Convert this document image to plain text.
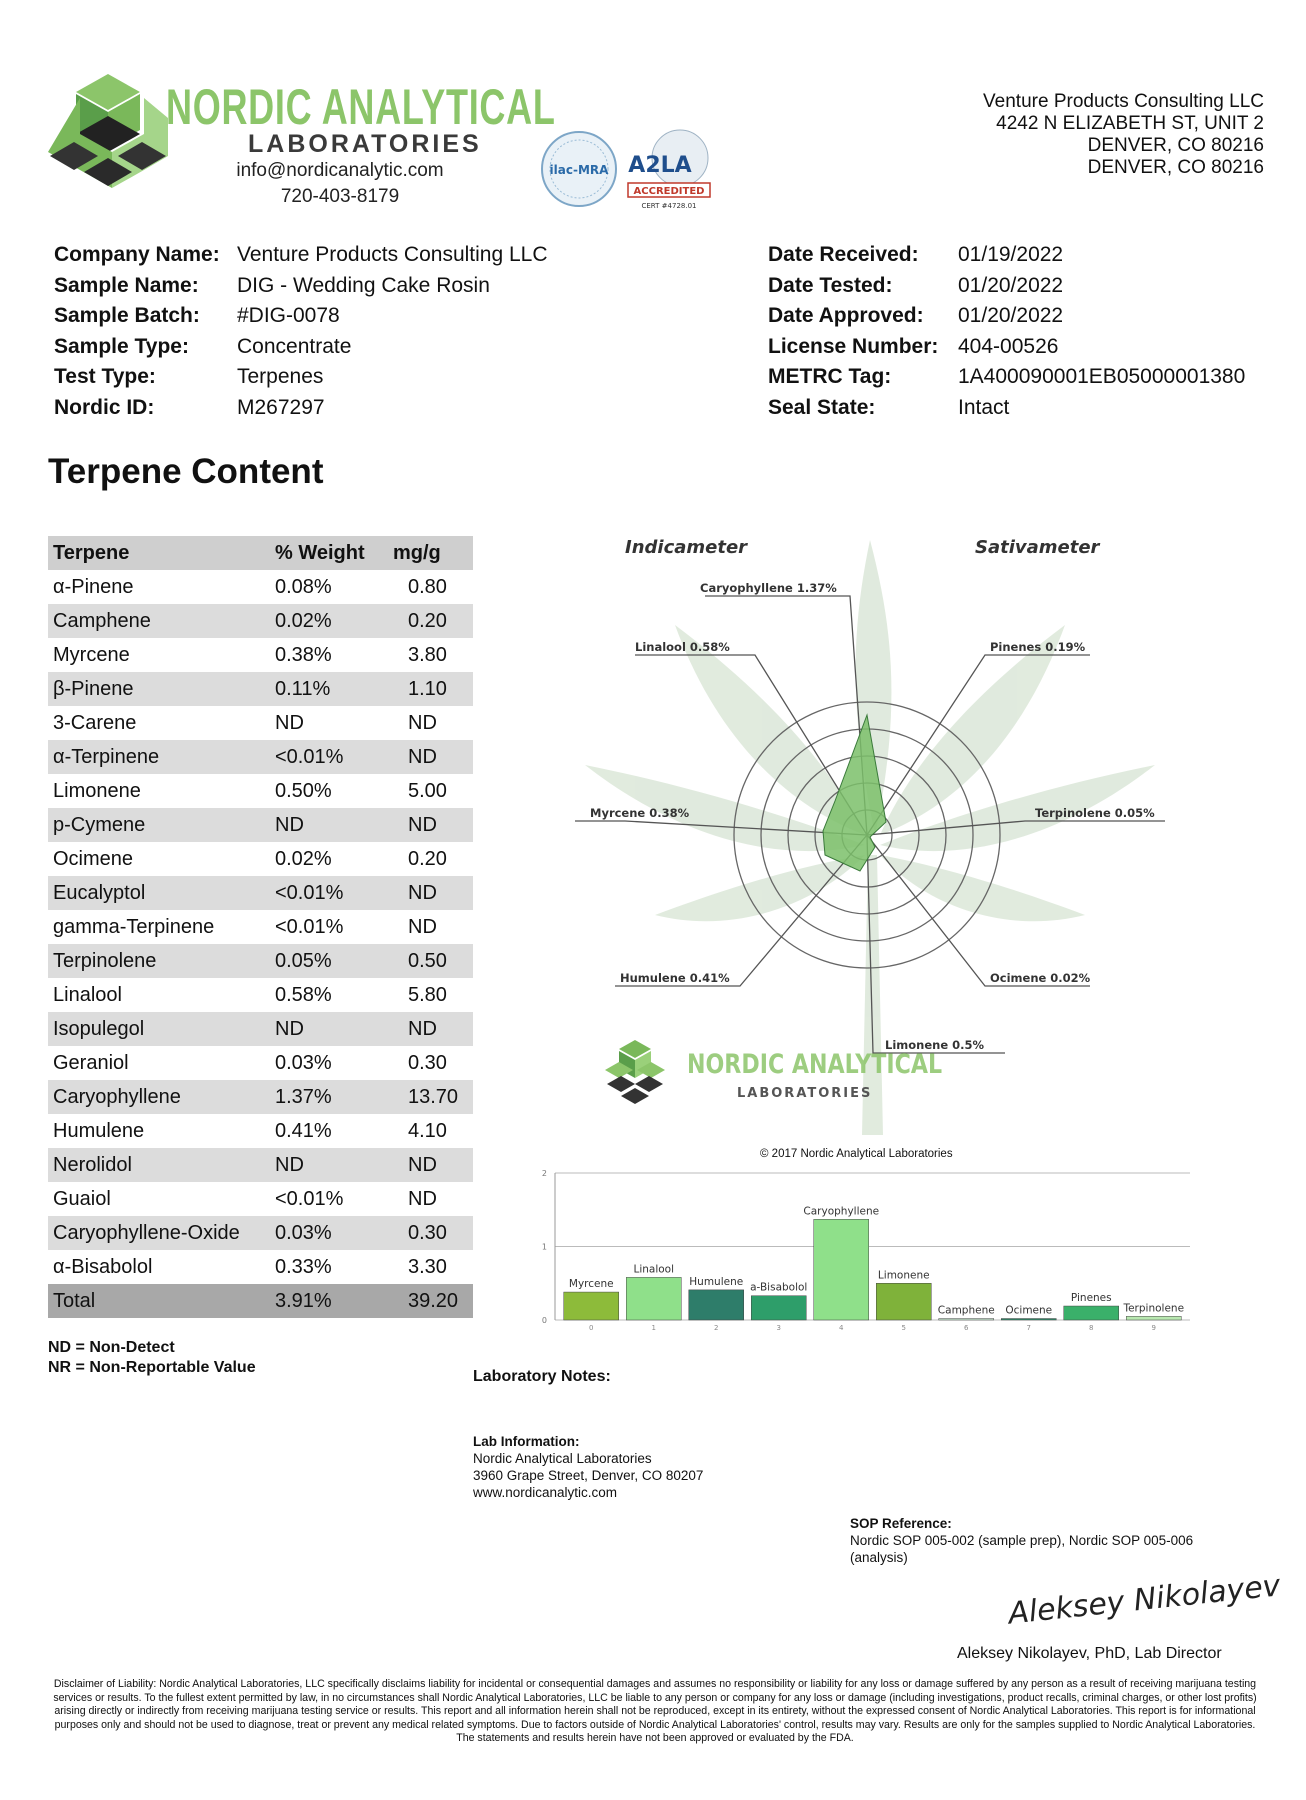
NORDIC ANALYTICAL
LABORATORIES
info@nordicanalytic.com
720-403-8179
ilac-MRA A2LA
ACCREDITED
CERT #4728.01
Venture Products Consulting LLC
4242 N ELIZABETH ST, UNIT 2
DENVER, CO 80216
DENVER, CO 80216
Company Name: Venture Products Consulting LLC
Sample Name: DIG - Wedding Cake Rosin
Sample Batch: #DIG-0078
Sample Type: Concentrate
Test Type:	Terpenes
Nordic ID:	M267297
Date Received: 01/19/2022
Date Tested:	01/20/2022
Date Approved: 01/20/2022
License Number: 404-00526
METRC Tag:	1A400090001EB05000001380
Seal State:	Intact
Terpene Content
Terpene	% Weight	mg/g
α-Pinene	0.08%	0.80
Camphene	0.02%	0.20
Myrcene	0.38%	3.80
β-Pinene	0.11%	1.10
3-Carene	ND	ND
α-Terpinene	<0.01%	ND
Limonene	0.50%	5.00
p-Cymene	ND	ND
Ocimene	0.02%	0.20
Eucalyptol	<0.01%	ND
gamma-Terpinene	<0.01%	ND
Terpinolene	0.05%	0.50
Linalool	0.58%	5.80
Isopulegol	ND	ND
Geraniol	0.03%	0.30
Caryophyllene	1.37%	13.70
Humulene	0.41%	4.10
Nerolidol	ND	ND
Guaiol	<0.01%	ND
Caryophyllene-Oxide	0.03%	0.30
α-Bisabolol	0.33%	3.30
Total	3.91%	39.20
ND = Non-Detect
NR = Non-Reportable Value
Indicameter	Sativameter
Caryophyllene 1.37%
Pinenes 0.19%
Terpinolene 0.05%
Ocimene 0.02%
Limonene 0.5%
Humulene 0.41%
Myrcene 0.38%
Linalool 0.58%
NORDIC ANALYTICAL
LABORATORIES
© 2017 Nordic Analytical Laboratories
0
1
2
Myrcene
0
Linalool
1
Humulene
2
a-Bisabolol
3
Caryophyllene
4
Limonene
5
Camphene
6
Ocimene
7
Pinenes
8
Terpinolene
9
Laboratory Notes:
Lab Information:
Nordic Analytical Laboratories
3960 Grape Street, Denver, CO 80207
www.nordicanalytic.com
SOP Reference:
Nordic SOP 005-002 (sample prep), Nordic SOP 005-006 (analysis)
Aleksey Nikolayev
Aleksey Nikolayev, PhD, Lab Director
Disclaimer of Liability: Nordic Analytical Laboratories, LLC specifically disclaims liability for incidental or consequential damages and assumes no responsibility or liability for any loss or damage suffered by any person as a result of receiving marijuana testing services or results. To the fullest extent permitted by law, in no circumstances shall Nordic Analytical Laboratories, LLC be liable to any person or company for any loss or damage (including investigations, product recalls, criminal charges, or other lost profits) arising directly or indirectly from receiving marijuana testing service or results. This report and all information herein shall not be reproduced, except in its entirety, without the expressed consent of Nordic Analytical Laboratories. This report is for informational purposes only and should not be used to diagnose, treat or prevent any medical related symptoms. Due to factors outside of Nordic Analytical Laboratories' control, results may vary. Results are only for the samples supplied to Nordic Analytical Laboratories. The statements and results herein have not been approved or evaluated by the FDA.
